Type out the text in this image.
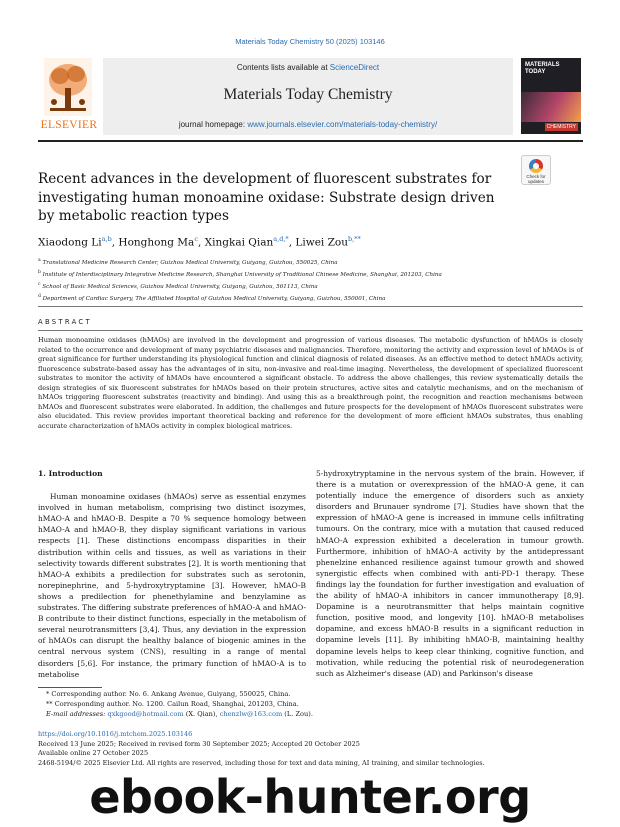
Materials Today Chemistry 50 (2025) 103146
ELSEVIER
Contents lists available at ScienceDirect
Materials Today Chemistry
journal homepage: www.journals.elsevier.com/materials-today-chemistry/
MATERIALS
TODAY
CHEMISTRY
Recent advances in the development of fluorescent substrates for investigating human monoamine oxidase: Substrate design driven by metabolic reaction types
Check for updates
Xiaodong Li$^{a,b}$, Honghong Ma$^c$, Xingkai Qian$^{a,d,*}$, Liwei Zou$^{b,**}$
$^a$ Translational Medicine Research Center, Guizhou Medical University, Guiyang, Guizhou, 550025, China
$^b$ Institute of Interdisciplinary Integrative Medicine Research, Shanghai University of Traditional Chinese Medicine, Shanghai, 201203, China
$^c$ School of Basic Medical Sciences, Guizhou Medical University, Guiyang, Guizhou, 561113, China
$^d$ Department of Cardiac Surgery, The Affiliated Hospital of Guizhou Medical University, Guiyang, Guizhou, 550001, China
ABSTRACT
Human monoamine oxidases (hMAOs) are involved in the development and progression of various diseases. The metabolic dysfunction of hMAOs is closely related to the occurrence and development of many psychiatric diseases and malignancies. Therefore, monitoring the activity and expression level of hMAOs is of great significance for further understanding its physiological function and clinical diagnosis of related diseases. As an effective method to detect hMAOs activity, fluorescence substrate-based assay has the advantages of in situ, non-invasive and real-time imaging. Nevertheless, the development of specialized fluorescent substrates to monitor the activity of hMAOs have encountered a significant obstacle. To address the above challenges, this review systematically details the design strategies of six fluorescent substrates for hMAOs based on their protein structures, active sites and catalytic mechanisms, and on the mechanism of hMAOs triggering fluorescent substrates (reactivity and binding). And using this as a breakthrough point, the recognition and reaction mechanisms between hMAOs and fluorescent substrates were elaborated. In addition, the challenges and future prospects for the development of hMAOs fluorescent substrates were also elucidated. This review provides important theoretical backing and reference for the development of more efficient hMAOs substrates, thus enabling accurate characterization of hMAOs activity in complex biological matrices.
1. Introduction

Human monoamine oxidases (hMAOs) serve as essential enzymes involved in human metabolism, comprising two distinct isozymes, hMAO-A and hMAO-B. Despite a 70 % sequence homology between hMAO-A and hMAO-B, they display significant variations in various respects [1]. These distinctions encompass disparities in their distribution within cells and tissues, as well as variations in their selectivity towards different substrates [2]. It is worth mentioning that hMAO-A exhibits a predilection for substrates such as serotonin, norepinephrine, and 5-hydroxytryptamine [3]. However, hMAO-B shows a predilection for phenethylamine and benzylamine as substrates. The differing substrate preferences of hMAO-A and hMAO-B contribute to their distinct functions, especially in the metabolism of several neurotransmitters [3,4]. Thus, any deviation in the expression of hMAOs can disrupt the healthy balance of biogenic amines in the central nervous system (CNS), resulting in a range of mental disorders [5,6]. For instance, the primary function of hMAO-A is to metabolise

5-hydroxytryptamine in the nervous system of the brain. However, if there is a mutation or overexpression of the hMAO-A gene, it can potentially induce the emergence of disorders such as anxiety disorders and Brunauer syndrome [7]. Studies have shown that the expression of hMAO-A gene is increased in immune cells infiltrating tumours. On the contrary, mice with a mutation that caused reduced hMAO-A expression exhibited a deceleration in tumour growth. Furthermore, inhibition of hMAO-A activity by the antidepressant phenelzine enhanced resilience against tumour growth and showed synergistic effects when combined with anti-PD-1 therapy. These findings lay the foundation for further investigation and evaluation of the ability of hMAO-A inhibitors in cancer immunotherapy [8,9]. Dopamine is a neurotransmitter that helps maintain cognitive function, positive mood, and longevity [10]. hMAO-B metabolises dopamine, and excess hMAO-B results in a significant reduction in dopamine levels [11]. By inhibiting hMAO-B, maintaining healthy dopamine levels helps to keep clear thinking, cognitive function, and motivation, while reducing the potential risk of neurodegeneration such as Alzheimer's disease (AD) and Parkinson's disease

* Corresponding author. No. 6. Ankang Avenue, Guiyang, 550025, China.
** Corresponding author. No. 1200. Cailun Road, Shanghai, 201203, China.
E-mail addresses: qxkgood@hotmail.com (X. Qian), chenzlw@163.com (L. Zou).
https://doi.org/10.1016/j.mtchem.2025.103146
Received 13 June 2025; Received in revised form 30 September 2025; Accepted 20 October 2025
Available online 27 October 2025
2468-5194/© 2025 Elsevier Ltd. All rights are reserved, including those for text and data mining, AI training, and similar technologies.
ebook-hunter.org
